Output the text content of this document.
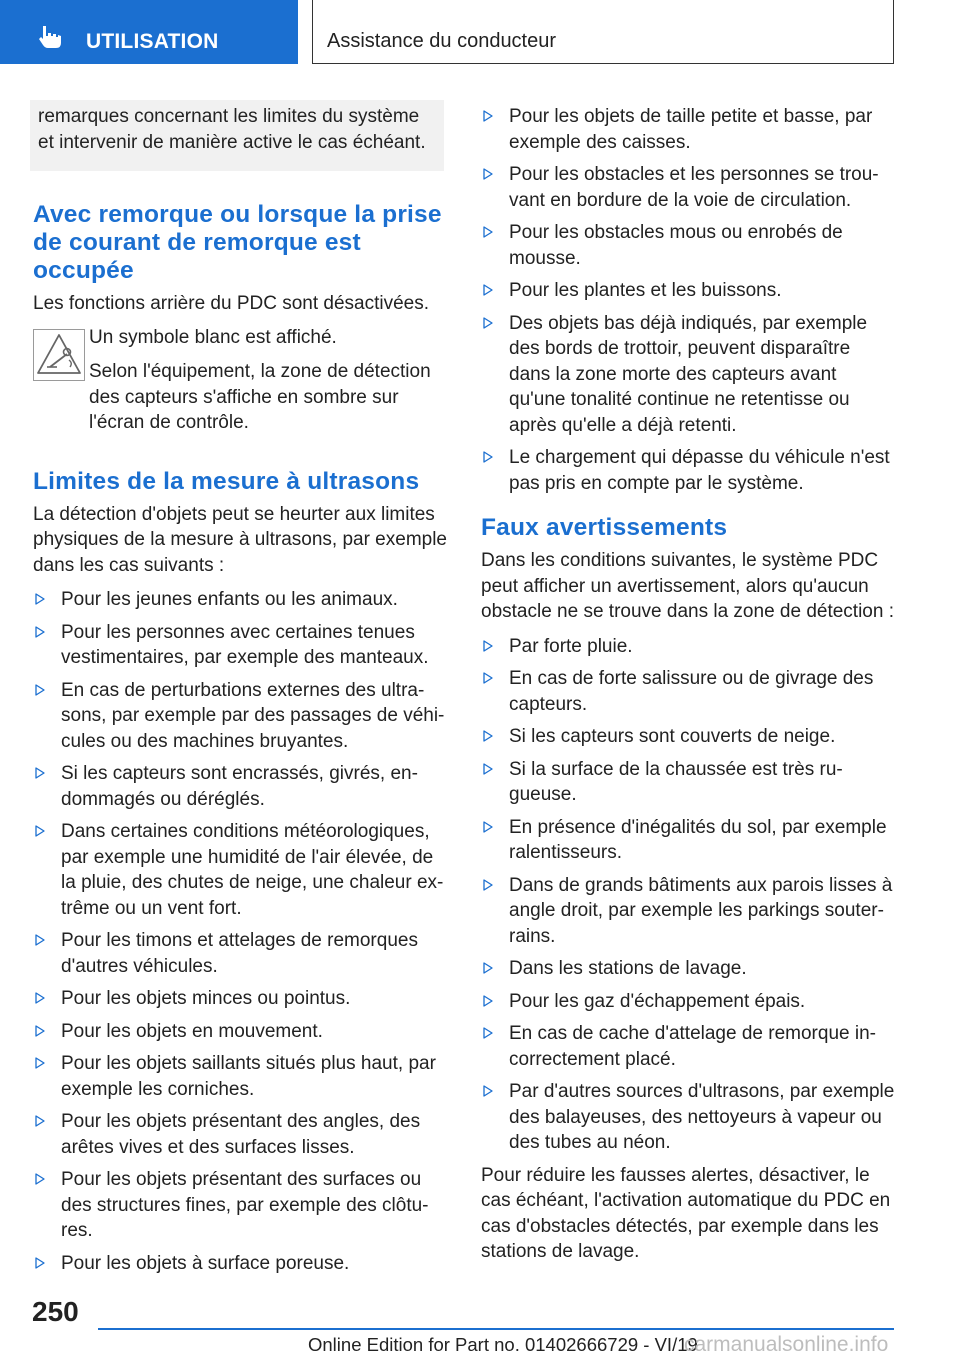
UTILISATION	Assistance du conducteur

remarques concernant les limites du système et intervenir de manière active le cas échéant.

Avec remorque ou lorsque la prise de courant de remorque est occupée

Les fonctions arrière du PDC sont désactivées.

Un symbole blanc est affiché.

Selon l'équipement, la zone de détection des capteurs s'affiche en sombre sur l'écran de contrôle.

Limites de la mesure à ultrasons

La détection d'objets peut se heurter aux limites physiques de la mesure à ultrasons, par exemple dans les cas suivants :

Pour les jeunes enfants ou les animaux.
Pour les personnes avec certaines tenues vestimentaires, par exemple des manteaux.
En cas de perturbations externes des ultra-sons, par exemple par des passages de véhi-cules ou des machines bruyantes.
Si les capteurs sont encrassés, givrés, en-dommagés ou déréglés.
Dans certaines conditions météorologiques, par exemple une humidité de l'air élevée, de la pluie, des chutes de neige, une chaleur ex-trême ou un vent fort.
Pour les timons et attelages de remorques d'autres véhicules.
Pour les objets minces ou pointus.
Pour les objets en mouvement.
Pour les objets saillants situés plus haut, par exemple les corniches.
Pour les objets présentant des angles, des arêtes vives et des surfaces lisses.
Pour les objets présentant des surfaces ou des structures fines, par exemple des clôtu-res.
Pour les objets à surface poreuse.
Pour les objets de taille petite et basse, par exemple des caisses.
Pour les obstacles et les personnes se trou-vant en bordure de la voie de circulation.
Pour les obstacles mous ou enrobés de mousse.
Pour les plantes et les buissons.
Des objets bas déjà indiqués, par exemple des bords de trottoir, peuvent disparaître dans la zone morte des capteurs avant qu'une tonalité continue ne retentisse ou après qu'elle a déjà retenti.
Le chargement qui dépasse du véhicule n'est pas pris en compte par le système.
Faux avertissements

Dans les conditions suivantes, le système PDC peut afficher un avertissement, alors qu'aucun obstacle ne se trouve dans la zone de détection :

Par forte pluie.
En cas de forte salissure ou de givrage des capteurs.
Si les capteurs sont couverts de neige.
Si la surface de la chaussée est très ru-gueuse.
En présence d'inégalités du sol, par exemple ralentisseurs.
Dans de grands bâtiments aux parois lisses à angle droit, par exemple les parkings souter-rains.
Dans les stations de lavage.
Pour les gaz d'échappement épais.
En cas de cache d'attelage de remorque in-correctement placé.
Par d'autres sources d'ultrasons, par exemple des balayeuses, des nettoyeurs à vapeur ou des tubes au néon.

Pour réduire les fausses alertes, désactiver, le cas échéant, l'activation automatique du PDC en cas d'obstacles détectés, par exemple dans les stations de lavage.

250
Online Edition for Part no. 01402666729 - VI/19
carmanualsonline.info
